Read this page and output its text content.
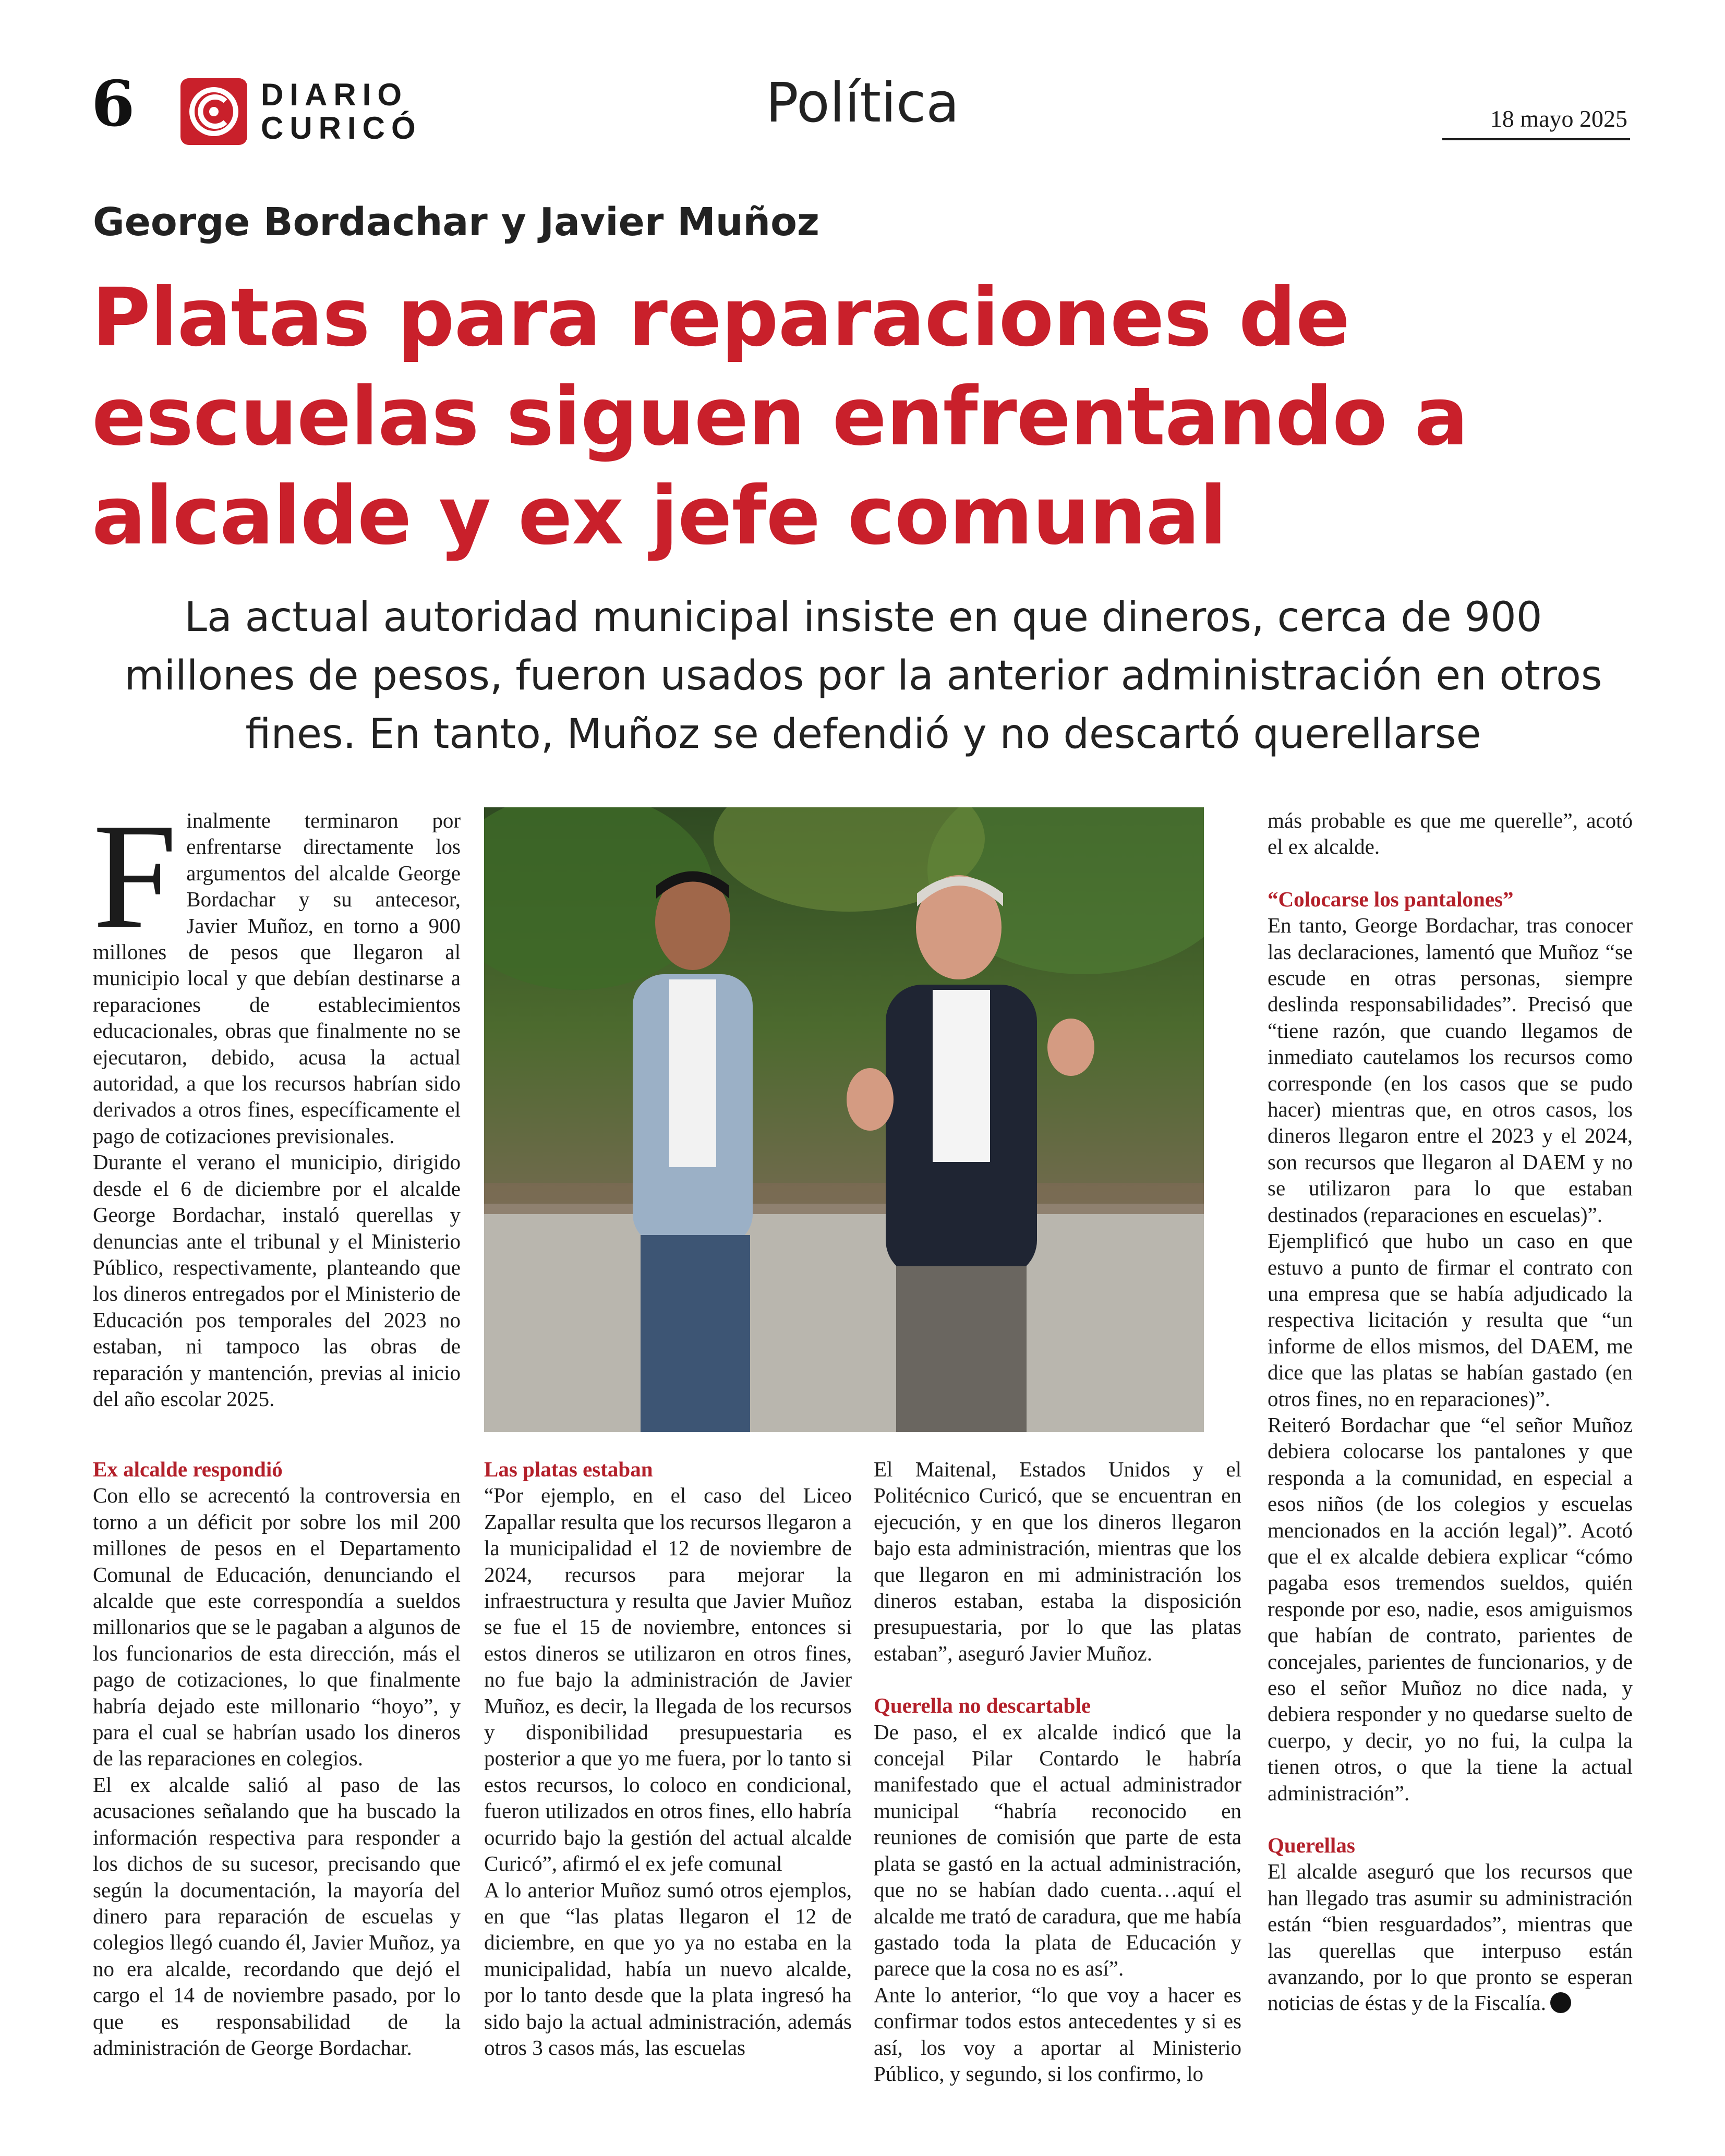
6	DIARIO
CURICÓ	Política	18 mayo 2025
George Bordachar y Javier Muñoz
Platas para reparaciones de escuelas siguen enfrentando a alcalde y ex jefe comunal
La actual autoridad municipal insiste en que dineros, cerca de 900 millones de pesos, fueron usados por la anterior administración en otros fines. En tanto, Muñoz se defendió y no descartó querellarse
F inalmente terminaron por enfrentarse directamente los argumentos del alcalde George Bordachar y su antecesor, Javier Muñoz, en torno a 900 millones de pesos que llegaron al municipio local y que debían destinarse a reparaciones de establecimientos educacionales, obras que finalmente no se ejecutaron, debido, acusa la actual autoridad, a que los recursos habrían sido derivados a otros fines, específicamente el pago de cotizaciones previsionales.

Durante el verano el municipio, dirigido desde el 6 de diciembre por el alcalde George Bordachar, instaló querellas y denuncias ante el tribunal y el Ministerio Público, respectivamente, planteando que los dineros entregados por el Ministerio de Educación pos temporales del 2023 no estaban, ni tampoco las obras de reparación y mantención, previas al inicio del año escolar 2025.

Ex alcalde respondió

Con ello se acrecentó la controversia en torno a un déficit por sobre los mil 200 millones de pesos en el Departamento Comunal de Educación, denunciando el alcalde que este correspondía a sueldos millonarios que se le pagaban a algunos de los funcionarios de esta dirección, más el pago de cotizaciones, lo que finalmente habría dejado este millonario “hoyo”, y para el cual se habrían usado los dineros de las reparaciones en colegios.

El ex alcalde salió al paso de las acusaciones señalando que ha buscado la información respectiva para responder a los dichos de su sucesor, precisando que según la documentación, la mayoría del dinero para reparación de escuelas y colegios llegó cuando él, Javier Muñoz, ya no era alcalde, recordando que dejó el cargo el 14 de noviembre pasado, por lo que es responsabilidad de la administración de George Bordachar.

Las platas estaban

“Por ejemplo, en el caso del Liceo Zapallar resulta que los recursos llegaron a la municipalidad el 12 de noviembre de 2024, recursos para mejorar la infraestructura y resulta que Javier Muñoz se fue el 15 de noviembre, entonces si estos dineros se utilizaron en otros fines, no fue bajo la administración de Javier Muñoz, es decir, la llegada de los recursos y disponibilidad presupuestaria es posterior a que yo me fuera, por lo tanto si estos recursos, lo coloco en condicional, fueron utilizados en otros fines, ello habría ocurrido bajo la gestión del actual alcalde Curicó”, afirmó el ex jefe comunal

A lo anterior Muñoz sumó otros ejemplos, en que “las platas llegaron el 12 de diciembre, en que yo ya no estaba en la municipalidad, había un nuevo alcalde, por lo tanto desde que la plata ingresó ha sido bajo la actual administración, además otros 3 casos más, las escuelas

El Maitenal, Estados Unidos y el Politécnico Curicó, que se encuentran en ejecución, y en que los dineros llegaron bajo esta administración, mientras que los que llegaron en mi administración los dineros estaban, estaba la disposición presupuestaria, por lo que las platas estaban”, aseguró Javier Muñoz.

Querella no descartable

De paso, el ex alcalde indicó que la concejal Pilar Contardo le habría manifestado que el actual administrador municipal “habría reconocido en reuniones de comisión que parte de esta plata se gastó en la actual administración, que no se habían dado cuenta…aquí el alcalde me trató de caradura, que me había gastado toda la plata de Educación y parece que la cosa no es así”.

Ante lo anterior, “lo que voy a hacer es confirmar todos estos antecedentes y si es así, los voy a aportar al Ministerio Público, y segundo, si los confirmo, lo

más probable es que me querelle”, acotó el ex alcalde.

“Colocarse los pantalones”

En tanto, George Bordachar, tras conocer las declaraciones, lamentó que Muñoz “se escude en otras personas, siempre deslinda responsabilidades”. Precisó que “tiene razón, que cuando llegamos de inmediato cautelamos los recursos como corresponde (en los casos que se pudo hacer) mientras que, en otros casos, los dineros llegaron entre el 2023 y el 2024, son recursos que llegaron al DAEM y no se utilizaron para lo que estaban destinados (reparaciones en escuelas)”.

Ejemplificó que hubo un caso en que estuvo a punto de firmar el contrato con una empresa que se había adjudicado la respectiva licitación y resulta que “un informe de ellos mismos, del DAEM, me dice que las platas se habían gastado (en otros fines, no en reparaciones)”.

Reiteró Bordachar que “el señor Muñoz debiera colocarse los pantalones y que responda a la comunidad, en especial a esos niños (de los colegios y escuelas mencionados en la acción legal)”. Acotó que el ex alcalde debiera explicar “cómo pagaba esos tremendos sueldos, quién responde por eso, nadie, esos amiguismos que habían de contrato, parientes de concejales, parientes de funcionarios, y de eso el señor Muñoz no dice nada, y debiera responder y no quedarse suelto de cuerpo, y decir, yo no fui, la culpa la tienen otros, o que la tiene la actual administración”.

Querellas

El alcalde aseguró que los recursos que han llegado tras asumir su administración están “bien resguardados”, mientras que las querellas que interpuso están avanzando, por lo que pronto se esperan noticias de éstas y de la Fiscalía.
